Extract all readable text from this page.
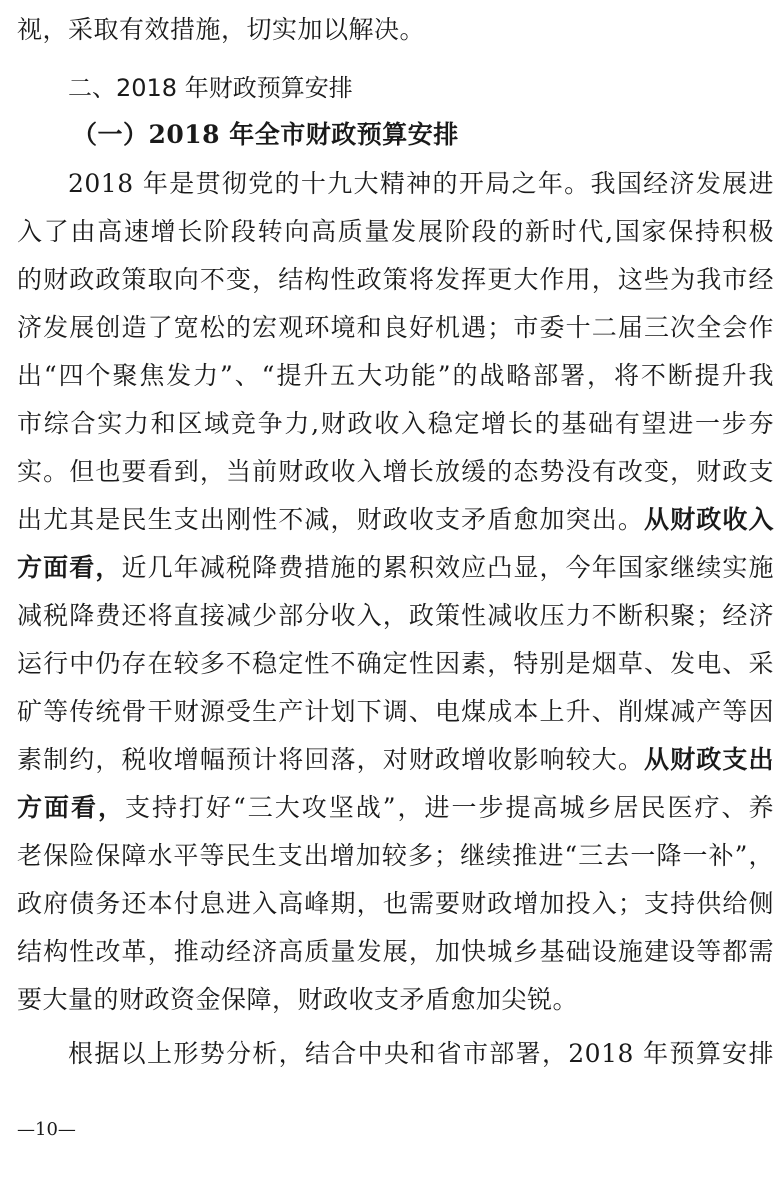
视，采取有效措施，切实加以解决。
二、2018 年财政预算安排
（一）2018 年全市财政预算安排
2018 年是贯彻党的十九大精神的开局之年。我国经济发展进
入了由高速增长阶段转向高质量发展阶段的新时代,国家保持积极
的财政政策取向不变，结构性政策将发挥更大作用，这些为我市经
济发展创造了宽松的宏观环境和良好机遇；市委十二届三次全会作
出“四个聚焦发力”、“提升五大功能”的战略部署，将不断提升我
市综合实力和区域竞争力,财政收入稳定增长的基础有望进一步夯
实。但也要看到，当前财政收入增长放缓的态势没有改变，财政支
出尤其是民生支出刚性不减，财政收支矛盾愈加突出。从财政收入
方面看，近几年减税降费措施的累积效应凸显，今年国家继续实施
减税降费还将直接减少部分收入，政策性减收压力不断积聚；经济
运行中仍存在较多不稳定性不确定性因素，特别是烟草、发电、采
矿等传统骨干财源受生产计划下调、电煤成本上升、削煤减产等因
素制约，税收增幅预计将回落，对财政增收影响较大。从财政支出
方面看，支持打好“三大攻坚战”，进一步提高城乡居民医疗、养
老保险保障水平等民生支出增加较多；继续推进“三去一降一补”，
政府债务还本付息进入高峰期，也需要财政增加投入；支持供给侧
结构性改革，推动经济高质量发展，加快城乡基础设施建设等都需
要大量的财政资金保障，财政收支矛盾愈加尖锐。
根据以上形势分析，结合中央和省市部署，2018 年预算安排
—10—
